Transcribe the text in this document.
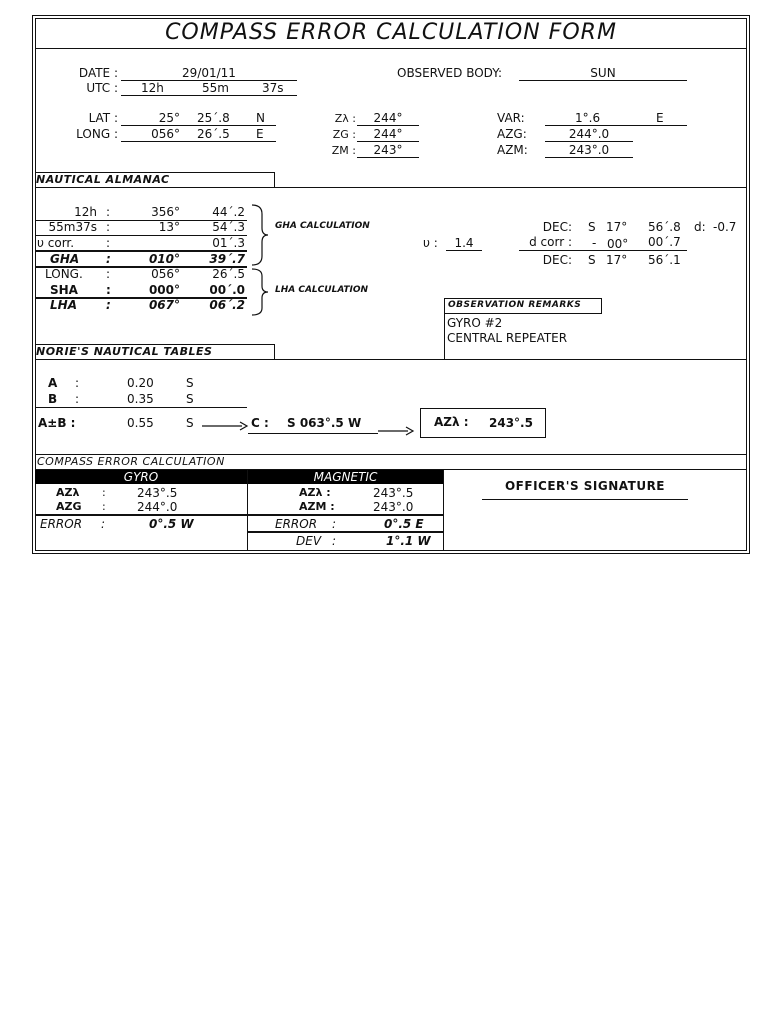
COMPASS ERROR CALCULATION FORM
DATE :	29/01/11
UTC : 12h	55m	37s
OBSERVED BODY:	SUN
LAT :	25° 25´.8 N
LONG :	056° 26´.5 E
Zλ :	244°
ZG :	244°
ZM :	243°
VAR:	1°.6	E
AZG:	244°.0
AZM:	243°.0
NAUTICAL ALMANAC
12h :	356°	44´.2
55m37s :	13°	54´.3
υ corr.	:	01´.3
GHA	:	010°	39´.7
LONG.	:	056°	26´.5
SHA	:	000°	00´.0
LHA	:	067°	06´.2
GHA CALCULATION
LHA CALCULATION
υ :	1.4
DEC: S 17° 56´.8 d: -0.7
d corr : - 00° 00´.7
DEC: S 17° 56´.1
OBSERVATION REMARKS
GYRO #2
CENTRAL REPEATER
NORIE'S NAUTICAL TABLES
A :	0.20	S
B :	0.35	S
A±B :	0.55	S	C : S 063°.5 W	AZλ : 243°.5
COMPASS ERROR CALCULATION
GYRO	MAGNETIC
AZλ :	243°.5
AZG :	244°.0
ERROR :	0°.5 W
AZλ :	243°.5
AZM :	243°.0
ERROR :	0°.5 E
DEV :	1°.1 W
OFFICER'S SIGNATURE
